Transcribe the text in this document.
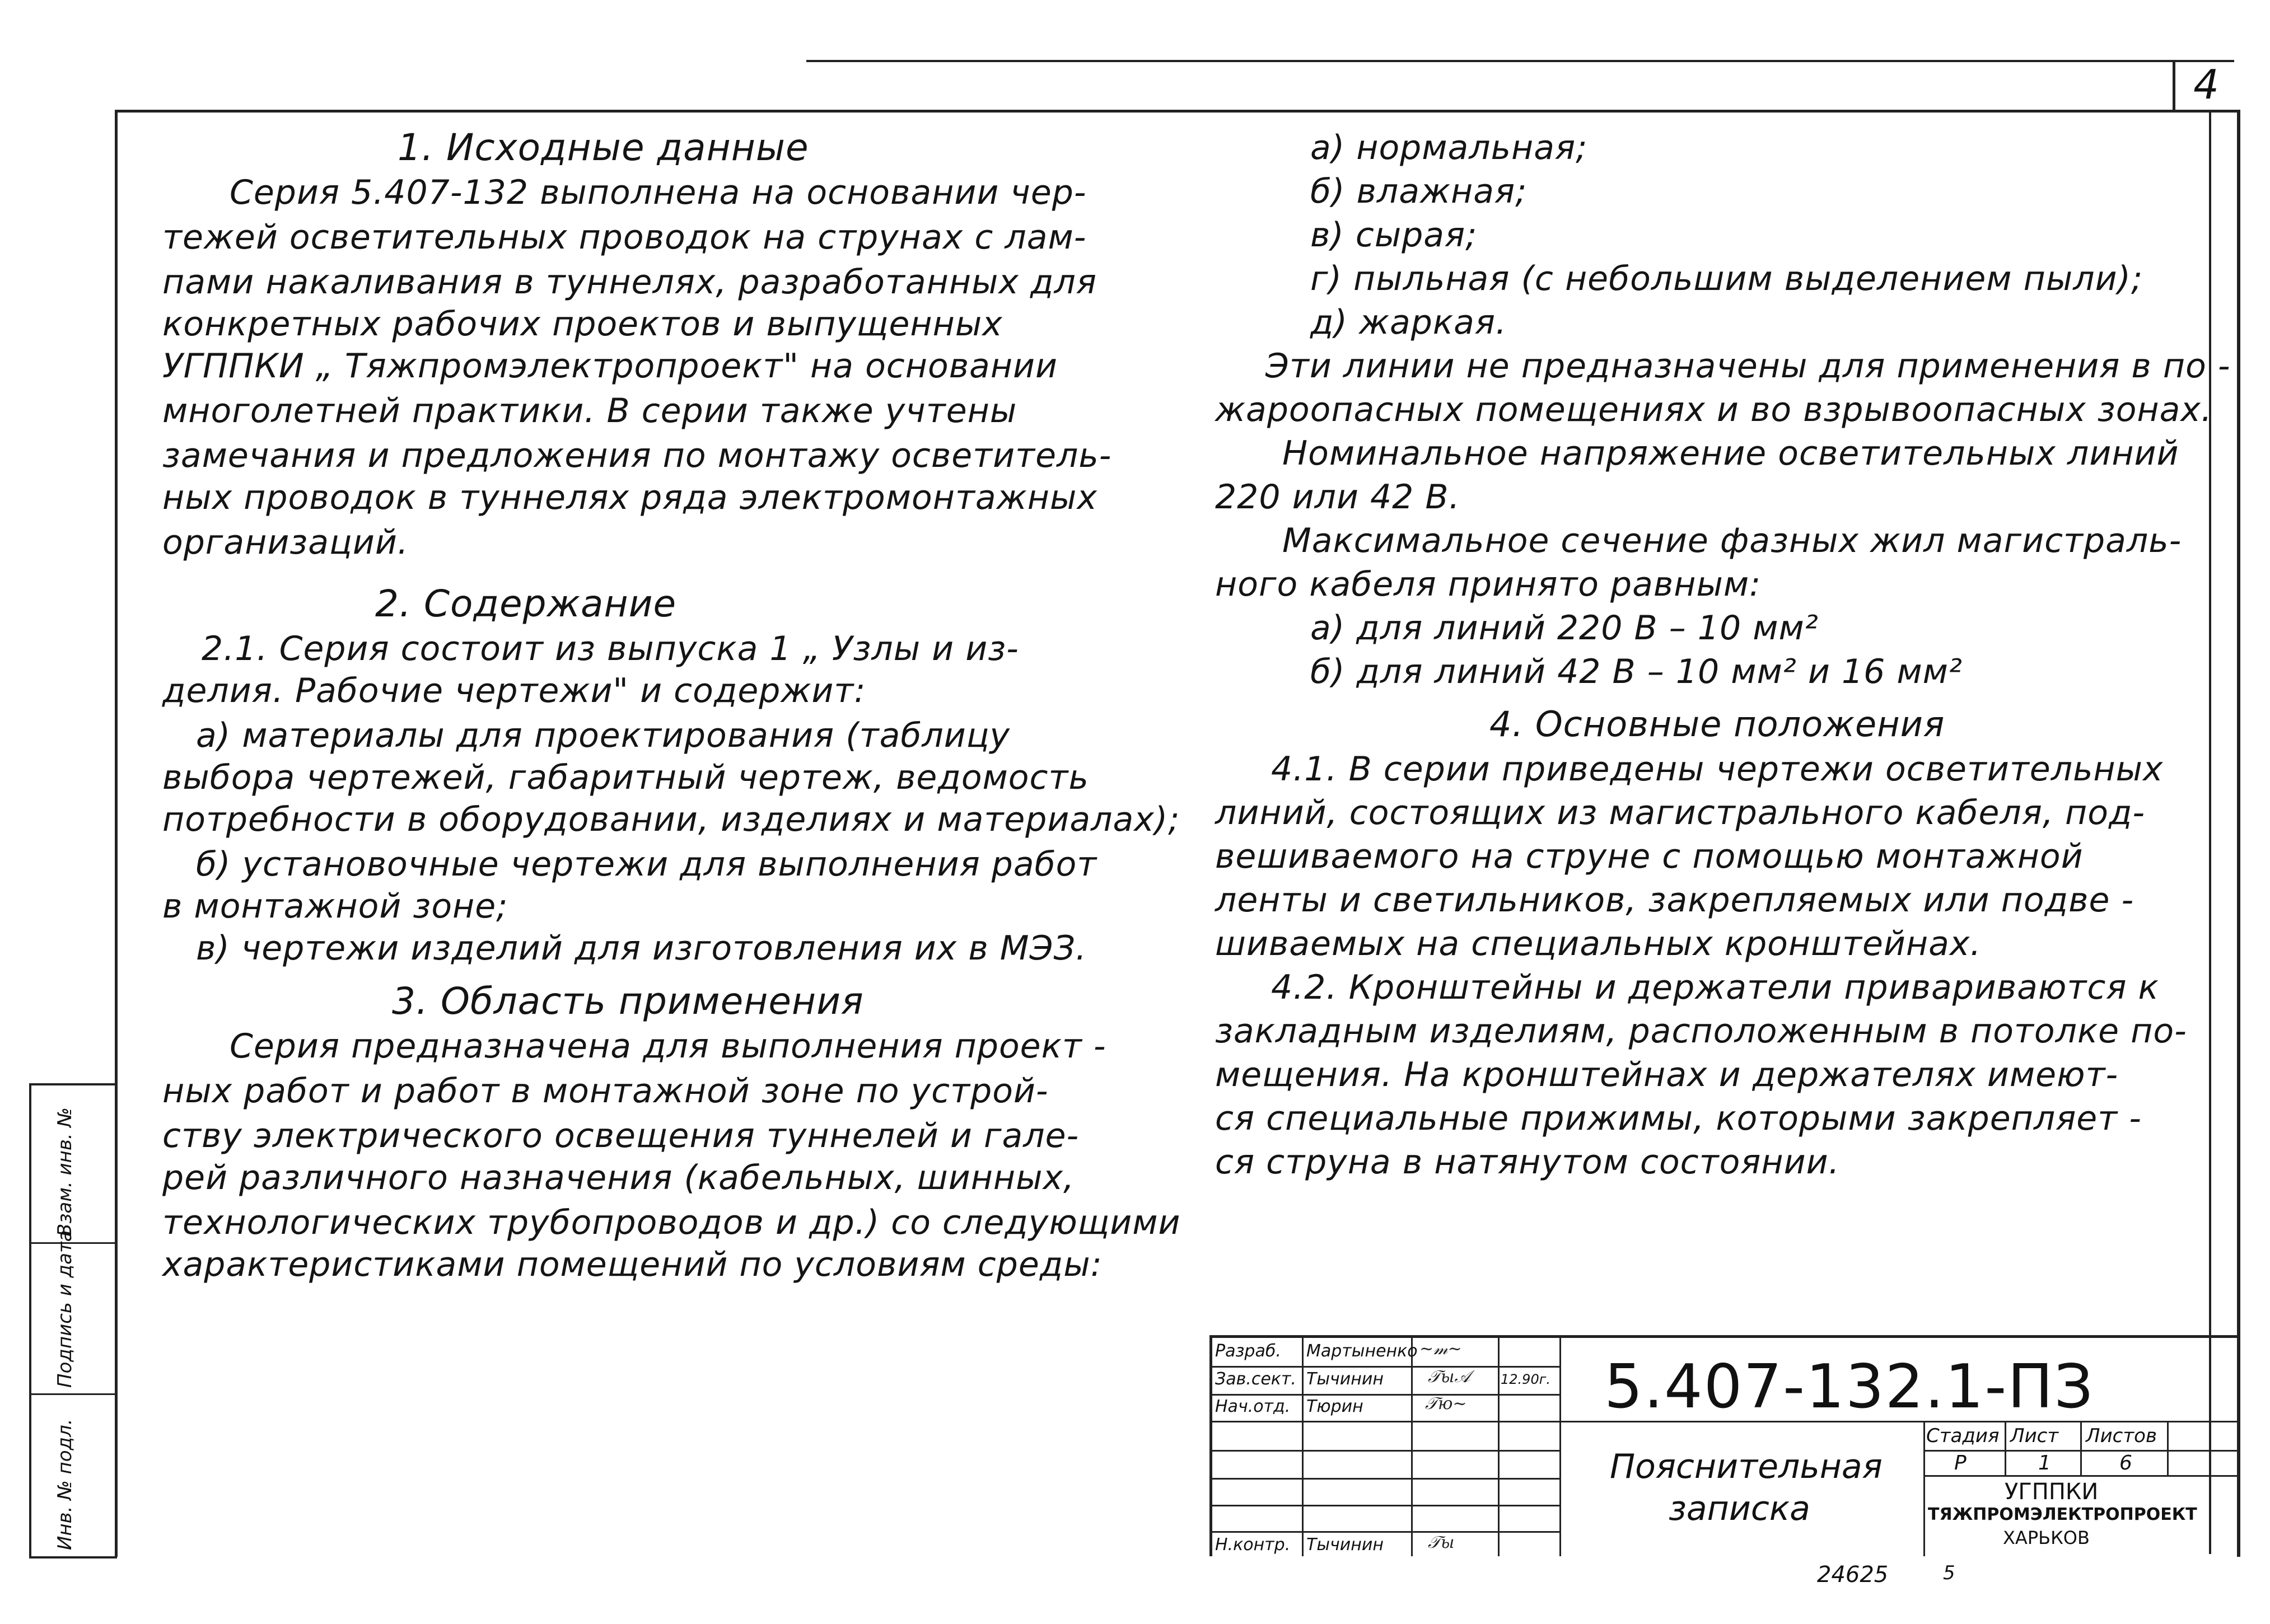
4
Инв. № подл.
Подпись и дата
Взам. инв. №
1. Исходные данные
Серия 5.407-132 выполнена на основании чер-
тежей осветительных проводок на струнах с лам-
пами накаливания в туннелях, разработанных для
конкретных рабочих проектов и выпущенных
УГППКИ „ Тяжпромэлектропроект" на основании
многолетней практики. В серии также учтены
замечания и предложения по монтажу осветитель-
ных проводок в туннелях ряда электромонтажных
организаций.
2. Содержание
2.1. Серия состоит из выпуска 1 „ Узлы и из-
делия. Рабочие чертежи" и содержит:
а) материалы для проектирования (таблицу
выбора чертежей, габаритный чертеж, ведомость
потребности в оборудовании, изделиях и материалах);
б) установочные чертежи для выполнения работ
в монтажной зоне;
в) чертежи изделий для изготовления их в МЭЗ.
3. Область применения
Серия предназначена для выполнения проект -
ных работ и работ в монтажной зоне по устрой-
ству электрического освещения туннелей и гале-
рей различного назначения (кабельных, шинных,
технологических трубопроводов и др.) со следующими
характеристиками помещений по условиям среды:
а) нормальная;
б) влажная;
в) сырая;
г) пыльная (с небольшим выделением пыли);
д) жаркая.
Эти линии не предназначены для применения в по -
жароопасных помещениях и во взрывоопасных зонах.
Номинальное напряжение осветительных линий
220 или 42 В.
Максимальное сечение фазных жил магистраль-
ного кабеля принято равным:
а) для линий 220 В – 10 мм²
б) для линий 42 В – 10 мм² и 16 мм²
4. Основные положения
4.1. В серии приведены чертежи осветительных
линий, состоящих из магистрального кабеля, под-
вешиваемого на струне с помощью монтажной
ленты и светильников, закрепляемых или подве -
шиваемых на специальных кронштейнах.
4.2. Кронштейны и держатели привариваются к
закладным изделиям, расположенным в потолке по-
мещения. На кронштейнах и держателях имеют-
ся специальные прижимы, которыми закрепляет -
ся струна в натянутом состоянии.
Разраб. Мартыненко ~𝓂~
Зав.сект. Тычинин	𝒯ы𝒜 12.90г.
Нач.отд. Тюрин	𝒯ю~
Н.контр. Тычинин	𝒯ы
5.407-132.1-ПЗ
Пояснительная
записка
Стадия Лист Листов
Р	1	6
УГППКИ
ТЯЖПРОМЭЛЕКТРОПРОЕКТ
ХАРЬКОВ
24625	5
